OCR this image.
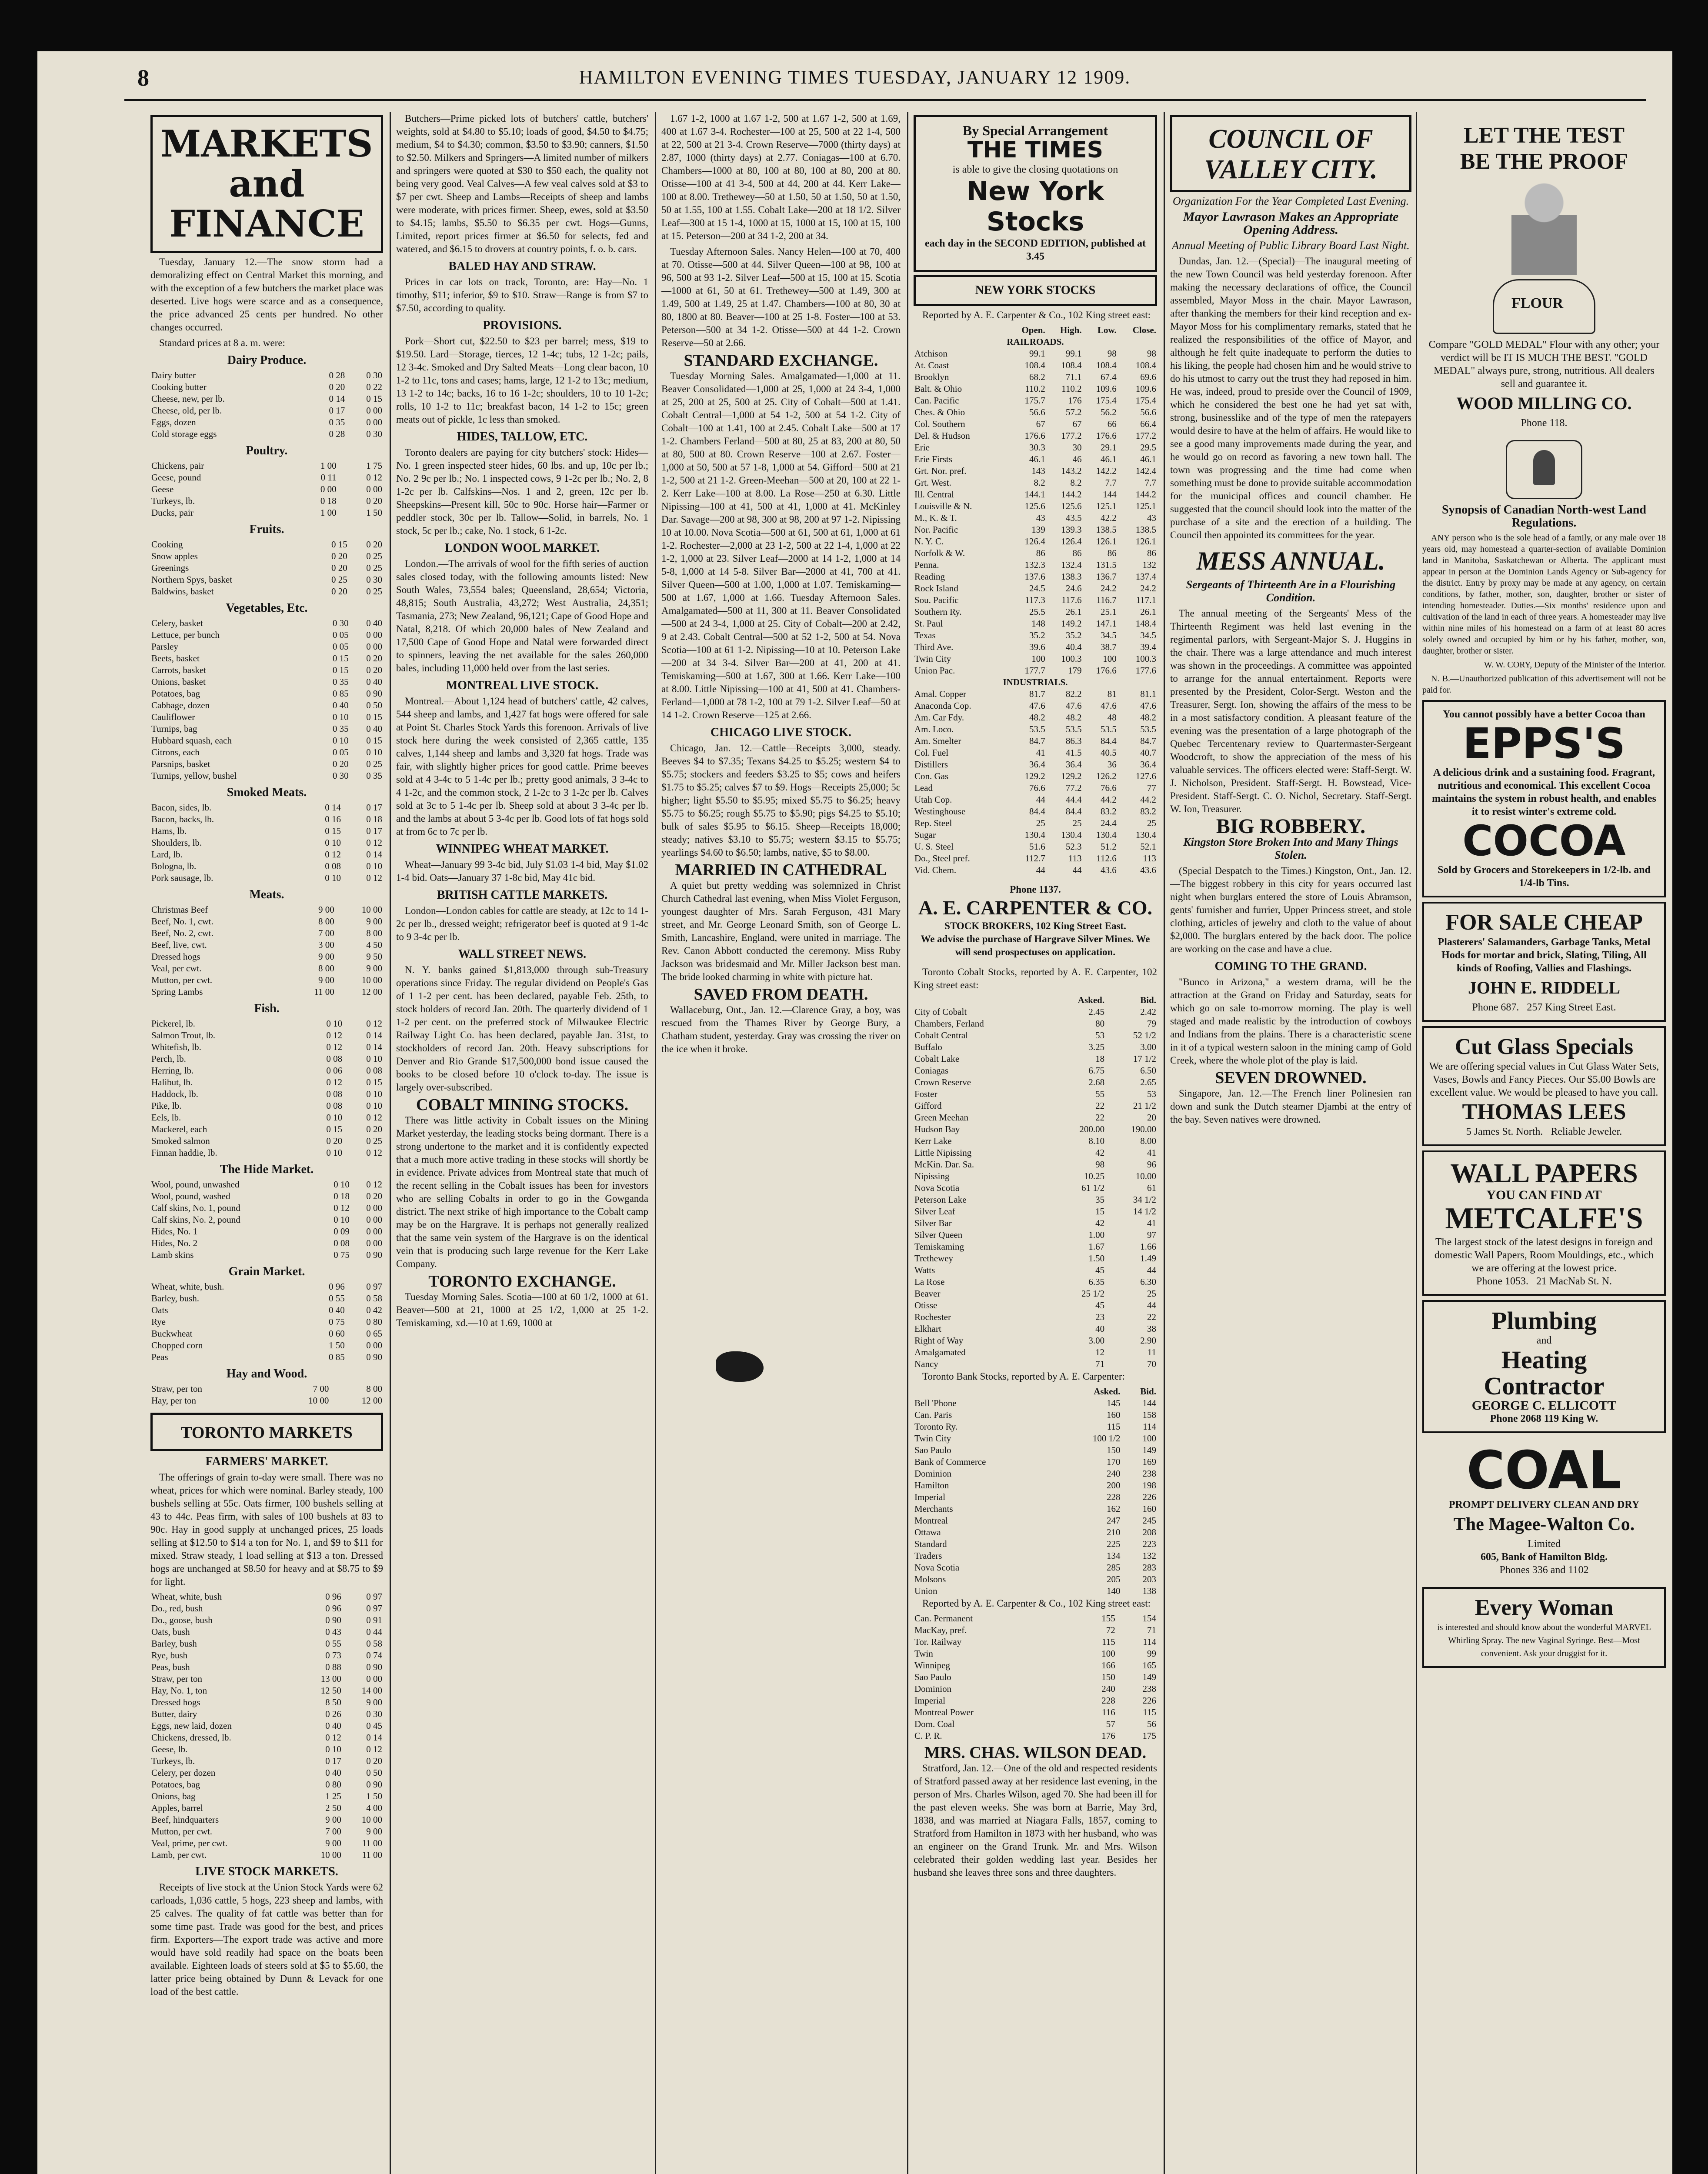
8	HAMILTON EVENING TIMES TUESDAY, JANUARY 12 1909.
MARKETS
and FINANCE

Tuesday, January 12.—The snow storm had a demoralizing effect on Central Market this morning, and with the exception of a few butchers the market place was deserted. Live hogs were scarce and as a consequence, the price advanced 25 cents per hundred. No other changes occurred.

Standard prices at 8 a. m. were:

Dairy Produce.
Dairy butter	0 28	0 30
Cooking butter	0 20	0 22
Cheese, new, per lb.	0 14	0 15
Cheese, old, per lb.	0 17	0 00
Eggs, dozen	0 35	0 00
Cold storage eggs	0 28	0 30
Poultry.
Chickens, pair	1 00	1 75
Geese, pound	0 11	0 12
Geese	0 00	0 00
Turkeys, lb.	0 18	0 20
Ducks, pair	1 00	1 50
Fruits.
Cooking	0 15	0 20
Snow apples	0 20	0 25
Greenings	0 20	0 25
Northern Spys, basket	0 25	0 30
Baldwins, basket	0 20	0 25
Vegetables, Etc.
Celery, basket	0 30	0 40
Lettuce, per bunch	0 05	0 00
Parsley	0 05	0 00
Beets, basket	0 15	0 20
Carrots, basket	0 15	0 20
Onions, basket	0 35	0 40
Potatoes, bag	0 85	0 90
Cabbage, dozen	0 40	0 50
Cauliflower	0 10	0 15
Turnips, bag	0 35	0 40
Hubbard squash, each	0 10	0 15
Citrons, each	0 05	0 10
Parsnips, basket	0 20	0 25
Turnips, yellow, bushel	0 30	0 35
Smoked Meats.
Bacon, sides, lb.	0 14	0 17
Bacon, backs, lb.	0 16	0 18
Hams, lb.	0 15	0 17
Shoulders, lb.	0 10	0 12
Lard, lb.	0 12	0 14
Bologna, lb.	0 08	0 10
Pork sausage, lb.	0 10	0 12
Meats.
Christmas Beef	9 00	10 00
Beef, No. 1, cwt.	8 00	9 00
Beef, No. 2, cwt.	7 00	8 00
Beef, live, cwt.	3 00	4 50
Dressed hogs	9 00	9 50
Veal, per cwt.	8 00	9 00
Mutton, per cwt.	9 00	10 00
Spring Lambs	11 00	12 00
Fish.
Pickerel, lb.	0 10	0 12
Salmon Trout, lb.	0 12	0 14
Whitefish, lb.	0 12	0 14
Perch, lb.	0 08	0 10
Herring, lb.	0 06	0 08
Halibut, lb.	0 12	0 15
Haddock, lb.	0 08	0 10
Pike, lb.	0 08	0 10
Eels, lb.	0 10	0 12
Mackerel, each	0 15	0 20
Smoked salmon	0 20	0 25
Finnan haddie, lb.	0 10	0 12
The Hide Market.
Wool, pound, unwashed	0 10	0 12
Wool, pound, washed	0 18	0 20
Calf skins, No. 1, pound	0 12	0 00
Calf skins, No. 2, pound	0 10	0 00
Hides, No. 1	0 09	0 00
Hides, No. 2	0 08	0 00
Lamb skins	0 75	0 90
Grain Market.
Wheat, white, bush.	0 96	0 97
Barley, bush.	0 55	0 58
Oats	0 40	0 42
Rye	0 75	0 80
Buckwheat	0 60	0 65
Chopped corn	1 50	0 00
Peas	0 85	0 90
Hay and Wood.
Straw, per ton	7 00	8 00
Hay, per ton	10 00	12 00
TORONTO MARKETS
FARMERS' MARKET.

The offerings of grain to-day were small. There was no wheat, prices for which were nominal. Barley steady, 100 bushels selling at 55c. Oats firmer, 100 bushels selling at 43 to 44c. Peas firm, with sales of 100 bushels at 83 to 90c. Hay in good supply at unchanged prices, 25 loads selling at $12.50 to $14 a ton for No. 1, and $9 to $11 for mixed. Straw steady, 1 load selling at $13 a ton. Dressed hogs are unchanged at $8.50 for heavy and at $8.75 to $9 for light.

Wheat, white, bush	0 96	0 97
Do., red, bush	0 96	0 97
Do., goose, bush	0 90	0 91
Oats, bush	0 43	0 44
Barley, bush	0 55	0 58
Rye, bush	0 73	0 74
Peas, bush	0 88	0 90
Straw, per ton	13 00	0 00
Hay, No. 1, ton	12 50	14 00
Dressed hogs	8 50	9 00
Butter, dairy	0 26	0 30
Eggs, new laid, dozen	0 40	0 45
Chickens, dressed, lb.	0 12	0 14
Geese, lb.	0 10	0 12
Turkeys, lb.	0 17	0 20
Celery, per dozen	0 40	0 50
Potatoes, bag	0 80	0 90
Onions, bag	1 25	1 50
Apples, barrel	2 50	4 00
Beef, hindquarters	9 00	10 00
Mutton, per cwt.	7 00	9 00
Veal, prime, per cwt.	9 00	11 00
Lamb, per cwt.	10 00	11 00
LIVE STOCK MARKETS.

Receipts of live stock at the Union Stock Yards were 62 carloads, 1,036 cattle, 5 hogs, 223 sheep and lambs, with 25 calves. The quality of fat cattle was better than for some time past. Trade was good for the best, and prices firm. Exporters—The export trade was active and more would have sold readily had space on the boats been available. Eighteen loads of steers sold at $5 to $5.60, the latter price being obtained by Dunn & Levack for one load of the best cattle.

Butchers—Prime picked lots of butchers' cattle, butchers' weights, sold at $4.80 to $5.10; loads of good, $4.50 to $4.75; medium, $4 to $4.30; common, $3.50 to $3.90; canners, $1.50 to $2.50. Milkers and Springers—A limited number of milkers and springers were quoted at $30 to $50 each, the quality not being very good. Veal Calves—A few veal calves sold at $3 to $7 per cwt. Sheep and Lambs—Receipts of sheep and lambs were moderate, with prices firmer. Sheep, ewes, sold at $3.50 to $4.15; lambs, $5.50 to $6.35 per cwt. Hogs—Gunns, Limited, report prices firmer at $6.50 for selects, fed and watered, and $6.15 to drovers at country points, f. o. b. cars.

BALED HAY AND STRAW.

Prices in car lots on track, Toronto, are: Hay—No. 1 timothy, $11; inferior, $9 to $10. Straw—Range is from $7 to $7.50, according to quality.

PROVISIONS.

Pork—Short cut, $22.50 to $23 per barrel; mess, $19 to $19.50. Lard—Storage, tierces, 12 1-4c; tubs, 12 1-2c; pails, 12 3-4c. Smoked and Dry Salted Meats—Long clear bacon, 10 1-2 to 11c, tons and cases; hams, large, 12 1-2 to 13c; medium, 13 1-2 to 14c; backs, 16 to 16 1-2c; shoulders, 10 to 10 1-2c; rolls, 10 1-2 to 11c; breakfast bacon, 14 1-2 to 15c; green meats out of pickle, 1c less than smoked.

HIDES, TALLOW, ETC.

Toronto dealers are paying for city butchers' stock: Hides—No. 1 green inspected steer hides, 60 lbs. and up, 10c per lb.; No. 2 9c per lb.; No. 1 inspected cows, 9 1-2c per lb.; No. 2, 8 1-2c per lb. Calfskins—Nos. 1 and 2, green, 12c per lb. Sheepskins—Present kill, 50c to 90c. Horse hair—Farmer or peddler stock, 30c per lb. Tallow—Solid, in barrels, No. 1 stock, 5c per lb.; cake, No. 1 stock, 6 1-2c.

LONDON WOOL MARKET.

London.—The arrivals of wool for the fifth series of auction sales closed today, with the following amounts listed: New South Wales, 73,554 bales; Queensland, 28,654; Victoria, 48,815; South Australia, 43,272; West Australia, 24,351; Tasmania, 273; New Zealand, 96,121; Cape of Good Hope and Natal, 8,218. Of which 20,000 bales of New Zealand and 17,500 Cape of Good Hope and Natal were forwarded direct to spinners, leaving the net available for the sales 260,000 bales, including 11,000 held over from the last series.

MONTREAL LIVE STOCK.

Montreal.—About 1,124 head of butchers' cattle, 42 calves, 544 sheep and lambs, and 1,427 fat hogs were offered for sale at Point St. Charles Stock Yards this forenoon. Arrivals of live stock here during the week consisted of 2,365 cattle, 135 calves, 1,144 sheep and lambs and 3,320 fat hogs. Trade was fair, with slightly higher prices for good cattle. Prime beeves sold at 4 3-4c to 5 1-4c per lb.; pretty good animals, 3 3-4c to 4 1-2c, and the common stock, 2 1-2c to 3 1-2c per lb. Calves sold at 3c to 5 1-4c per lb. Sheep sold at about 3 3-4c per lb. and the lambs at about 5 3-4c per lb. Good lots of fat hogs sold at from 6c to 7c per lb.

WINNIPEG WHEAT MARKET.

Wheat—January 99 3-4c bid, July $1.03 1-4 bid, May $1.02 1-4 bid. Oats—January 37 1-8c bid, May 41c bid.

BRITISH CATTLE MARKETS.

London—London cables for cattle are steady, at 12c to 14 1-2c per lb., dressed weight; refrigerator beef is quoted at 9 1-4c to 9 3-4c per lb.

WALL STREET NEWS.

N. Y. banks gained $1,813,000 through sub-Treasury operations since Friday. The regular dividend on People's Gas of 1 1-2 per cent. has been declared, payable Feb. 25th, to stock holders of record Jan. 20th. The quarterly dividend of 1 1-2 per cent. on the preferred stock of Milwaukee Electric Railway Light Co. has been declared, payable Jan. 31st, to stockholders of record Jan. 20th. Heavy subscriptions for Denver and Rio Grande $17,500,000 bond issue caused the books to be closed before 10 o'clock to-day. The issue is largely over-subscribed.

COBALT MINING STOCKS.

There was little activity in Cobalt issues on the Mining Market yesterday, the leading stocks being dormant. There is a strong undertone to the market and it is confidently expected that a much more active trading in these stocks will shortly be in evidence. Private advices from Montreal state that much of the recent selling in the Cobalt issues has been for investors who are selling Cobalts in order to go in the Gowganda district. The next strike of high importance to the Cobalt camp may be on the Hargrave. It is perhaps not generally realized that the same vein system of the Hargrave is on the identical vein that is producing such large revenue for the Kerr Lake Company.

TORONTO EXCHANGE.

Tuesday Morning Sales. Scotia—100 at 60 1/2, 1000 at 61. Beaver—500 at 21, 1000 at 25 1/2, 1,000 at 25 1-2. Temiskaming, xd.—10 at 1.69, 1000 at

1.67 1-2, 1000 at 1.67 1-2, 500 at 1.67 1-2, 500 at 1.69, 400 at 1.67 3-4. Rochester—100 at 25, 500 at 22 1-4, 500 at 22, 500 at 21 3-4. Crown Reserve—7000 (thirty days) at 2.87, 1000 (thirty days) at 2.77. Coniagas—100 at 6.70. Chambers—1000 at 80, 100 at 80, 100 at 80, 200 at 80. Otisse—100 at 41 3-4, 500 at 44, 200 at 44. Kerr Lake—100 at 8.00. Trethewey—50 at 1.50, 50 at 1.50, 50 at 1.50, 50 at 1.55, 100 at 1.55. Cobalt Lake—200 at 18 1/2. Silver Leaf—300 at 15 1-4, 1000 at 15, 1000 at 15, 100 at 15, 100 at 15. Peterson—200 at 34 1-2, 200 at 34.

Tuesday Afternoon Sales. Nancy Helen—100 at 70, 400 at 70. Otisse—500 at 44. Silver Queen—100 at 98, 100 at 96, 500 at 93 1-2. Silver Leaf—500 at 15, 100 at 15. Scotia—1000 at 61, 50 at 61. Trethewey—500 at 1.49, 300 at 1.49, 500 at 1.49, 25 at 1.47. Chambers—100 at 80, 30 at 80, 1800 at 80. Beaver—100 at 25 1-8. Foster—100 at 53. Peterson—500 at 34 1-2. Otisse—500 at 44 1-2. Crown Reserve—50 at 2.66.

STANDARD EXCHANGE.

Tuesday Morning Sales. Amalgamated—1,000 at 11. Beaver Consolidated—1,000 at 25, 1,000 at 24 3-4, 1,000 at 25, 200 at 25, 500 at 25. City of Cobalt—500 at 1.41. Cobalt Central—1,000 at 54 1-2, 500 at 54 1-2. City of Cobalt—100 at 1.41, 100 at 2.45. Cobalt Lake—500 at 17 1-2. Chambers Ferland—500 at 80, 25 at 83, 200 at 80, 50 at 80, 500 at 80. Crown Reserve—100 at 2.67. Foster—1,000 at 50, 500 at 57 1-8, 1,000 at 54. Gifford—500 at 21 1-2, 500 at 21 1-2. Green-Meehan—500 at 20, 100 at 22 1-2. Kerr Lake—100 at 8.00. La Rose—250 at 6.30. Little Nipissing—100 at 41, 500 at 41, 1,000 at 41. McKinley Dar. Savage—200 at 98, 300 at 98, 200 at 97 1-2. Nipissing 10 at 10.00. Nova Scotia—500 at 61, 500 at 61, 1,000 at 61 1-2. Rochester—2,000 at 23 1-2, 500 at 22 1-4, 1,000 at 22 1-2, 1,000 at 23. Silver Leaf—2000 at 14 1-2, 1,000 at 14 5-8, 1,000 at 14 5-8. Silver Bar—2000 at 41, 700 at 41. Silver Queen—500 at 1.00, 1,000 at 1.07. Temiskaming—500 at 1.67, 1,000 at 1.66. Tuesday Afternoon Sales. Amalgamated—500 at 11, 300 at 11. Beaver Consolidated—500 at 24 3-4, 1,000 at 25. City of Cobalt—200 at 2.42, 9 at 2.43. Cobalt Central—500 at 52 1-2, 500 at 54. Nova Scotia—100 at 61 1-2. Nipissing—10 at 10. Peterson Lake—200 at 34 3-4. Silver Bar—200 at 41, 200 at 41. Temiskaming—500 at 1.67, 300 at 1.66. Kerr Lake—100 at 8.00. Little Nipissing—100 at 41, 500 at 41. Chambers-Ferland—1,000 at 78 1-2, 100 at 79 1-2. Silver Leaf—50 at 14 1-2. Crown Reserve—125 at 2.66.

CHICAGO LIVE STOCK.

Chicago, Jan. 12.—Cattle—Receipts 3,000, steady. Beeves $4 to $7.35; Texans $4.25 to $5.25; western $4 to $5.75; stockers and feeders $3.25 to $5; cows and heifers $1.75 to $5.25; calves $7 to $9. Hogs—Receipts 25,000; 5c higher; light $5.50 to $5.95; mixed $5.75 to $6.25; heavy $5.75 to $6.25; rough $5.75 to $5.90; pigs $4.25 to $5.10; bulk of sales $5.95 to $6.15. Sheep—Receipts 18,000; steady; natives $3.10 to $5.75; western $3.15 to $5.75; yearlings $4.60 to $6.50; lambs, native, $5 to $8.00.

MARRIED IN CATHEDRAL

A quiet but pretty wedding was solemnized in Christ Church Cathedral last evening, when Miss Violet Ferguson, youngest daughter of Mrs. Sarah Ferguson, 431 Mary street, and Mr. George Leonard Smith, son of George L. Smith, Lancashire, England, were united in marriage. The Rev. Canon Abbott conducted the ceremony. Miss Ruby Jackson was bridesmaid and Mr. Miller Jackson best man. The bride looked charming in white with picture hat.

SAVED FROM DEATH.

Wallaceburg, Ont., Jan. 12.—Clarence Gray, a boy, was rescued from the Thames River by George Bury, a Chatham student, yesterday. Gray was crossing the river on the ice when it broke.

By Special Arrangement
THE TIMES
is able to give the closing quotations on
New York Stocks
each day in the SECOND EDITION, published at 3.45
NEW YORK STOCKS

Reported by A. E. Carpenter & Co., 102 King street east:

	Open.	High.	Low.	Close.
RAILROADS.				
Atchison	99.1	99.1	98	98
At. Coast	108.4	108.4	108.4	108.4
Brooklyn	68.2	71.1	67.4	69.6
Balt. & Ohio	110.2	110.2	109.6	109.6
Can. Pacific	175.7	176	175.4	175.4
Ches. & Ohio	56.6	57.2	56.2	56.6
Col. Southern	67	67	66	66.4
Del. & Hudson	176.6	177.2	176.6	177.2
Erie	30.3	30	29.1	29.5
Erie Firsts	46.1	46	46.1	46.1
Grt. Nor. pref.	143	143.2	142.2	142.4
Grt. West.	8.2	8.2	7.7	7.7
Ill. Central	144.1	144.2	144	144.2
Louisville & N.	125.6	125.6	125.1	125.1
M., K. & T.	43	43.5	42.2	43
Nor. Pacific	139	139.3	138.5	138.5
N. Y. C.	126.4	126.4	126.1	126.1
Norfolk & W.	86	86	86	86
Penna.	132.3	132.4	131.5	132
Reading	137.6	138.3	136.7	137.4
Rock Island	24.5	24.6	24.2	24.2
Sou. Pacific	117.3	117.6	116.7	117.1
Southern Ry.	25.5	26.1	25.1	26.1
St. Paul	148	149.2	147.1	148.4
Texas	35.2	35.2	34.5	34.5
Third Ave.	39.6	40.4	38.7	39.4
Twin City	100	100.3	100	100.3
Union Pac.	177.7	179	176.6	177.6
INDUSTRIALS.				
Amal. Copper	81.7	82.2	81	81.1
Anaconda Cop.	47.6	47.6	47.6	47.6
Am. Car Fdy.	48.2	48.2	48	48.2
Am. Loco.	53.5	53.5	53.5	53.5
Am. Smelter	84.7	86.3	84.4	84.7
Col. Fuel	41	41.5	40.5	40.7
Distillers	36.4	36.4	36	36.4
Con. Gas	129.2	129.2	126.2	127.6
Lead	76.6	77.2	76.6	77
Utah Cop.	44	44.4	44.2	44.2
Westinghouse	84.4	84.4	83.2	83.2
Rep. Steel	25	25	24.4	25
Sugar	130.4	130.4	130.4	130.4
U. S. Steel	51.6	52.3	51.2	52.1
Do., Steel pref.	112.7	113	112.6	113
Vid. Chem.	44	44	43.6	43.6
Phone 1137.
A. E. CARPENTER & CO.
STOCK BROKERS, 102 King Street East.
We advise the purchase of Hargrave Silver Mines. We will send prospectuses on application.

Toronto Cobalt Stocks, reported by A. E. Carpenter, 102 King street east:

	Asked.	Bid.
City of Cobalt	2.45	2.42
Chambers, Ferland	80	79
Cobalt Central	53	52 1/2
Buffalo	3.25	3.00
Cobalt Lake	18	17 1/2
Coniagas	6.75	6.50
Crown Reserve	2.68	2.65
Foster	55	53
Gifford	22	21 1/2
Green Meehan	22	20
Hudson Bay	200.00	190.00
Kerr Lake	8.10	8.00
Little Nipissing	42	41
McKin. Dar. Sa.	98	96
Nipissing	10.25	10.00
Nova Scotia	61 1/2	61
Peterson Lake	35	34 1/2
Silver Leaf	15	14 1/2
Silver Bar	42	41
Silver Queen	1.00	97
Temiskaming	1.67	1.66
Trethewey	1.50	1.49
Watts	45	44
La Rose	6.35	6.30
Beaver	25 1/2	25
Otisse	45	44
Rochester	23	22
Elkhart	40	38
Right of Way	3.00	2.90
Amalgamated	12	11
Nancy	71	70

Toronto Bank Stocks, reported by A. E. Carpenter:

	Asked.	Bid.
Bell 'Phone	145	144
Can. Paris	160	158
Toronto Ry.	115	114
Twin City	100 1/2	100
Sao Paulo	150	149
Bank of Commerce	170	169
Dominion	240	238
Hamilton	200	198
Imperial	228	226
Merchants	162	160
Montreal	247	245
Ottawa	210	208
Standard	225	223
Traders	134	132
Nova Scotia	285	283
Molsons	205	203
Union	140	138

Reported by A. E. Carpenter & Co., 102 King street east:

Can. Permanent	155	154
MacKay, pref.	72	71
Tor. Railway	115	114
Twin	100	99
Winnipeg	166	165
Sao Paulo	150	149
Dominion	240	238
Imperial	228	226
Montreal Power	116	115
Dom. Coal	57	56
C. P. R.	176	175
MRS. CHAS. WILSON DEAD.

Stratford, Jan. 12.—One of the old and respected residents of Stratford passed away at her residence last evening, in the person of Mrs. Charles Wilson, aged 70. She had been ill for the past eleven weeks. She was born at Barrie, May 3rd, 1838, and was married at Niagara Falls, 1857, coming to Stratford from Hamilton in 1873 with her husband, who was an engineer on the Grand Trunk. Mr. and Mrs. Wilson celebrated their golden wedding last year. Besides her husband she leaves three sons and three daughters.

COUNCIL OF VALLEY CITY.
Organization For the Year Completed Last Evening.
Mayor Lawrason Makes an Appropriate Opening Address.
Annual Meeting of Public Library Board Last Night.

Dundas, Jan. 12.—(Special)—The inaugural meeting of the new Town Council was held yesterday forenoon. After making the necessary declarations of office, the Council assembled, Mayor Moss in the chair. Mayor Lawrason, after thanking the members for their kind reception and ex-Mayor Moss for his complimentary remarks, stated that he realized the responsibilities of the office of Mayor, and although he felt quite inadequate to perform the duties to his liking, the people had chosen him and he would strive to do his utmost to carry out the trust they had reposed in him. He was, indeed, proud to preside over the Council of 1909, which he considered the best one he had yet sat with, strong, businesslike and of the type of men the ratepayers would desire to have at the helm of affairs. He would like to see a good many improvements made during the year, and he would go on record as favoring a new town hall. The town was progressing and the time had come when something must be done to provide suitable accommodation for the municipal offices and council chamber. He suggested that the council should look into the matter of the purchase of a site and the erection of a building. The Council then appointed its committees for the year.

MESS ANNUAL.
Sergeants of Thirteenth Are in a Flourishing Condition.

The annual meeting of the Sergeants' Mess of the Thirteenth Regiment was held last evening in the regimental parlors, with Sergeant-Major S. J. Huggins in the chair. There was a large attendance and much interest was shown in the proceedings. A committee was appointed to arrange for the annual entertainment. Reports were presented by the President, Color-Sergt. Weston and the Treasurer, Sergt. Ion, showing the affairs of the mess to be in a most satisfactory condition. A pleasant feature of the evening was the presentation of a large photograph of the Quebec Tercentenary review to Quartermaster-Sergeant Woodcroft, to show the appreciation of the mess of his valuable services. The officers elected were: Staff-Sergt. W. J. Nicholson, President. Staff-Sergt. H. Bowstead, Vice-President. Staff-Sergt. C. O. Nichol, Secretary. Staff-Sergt. W. Ion, Treasurer.

BIG ROBBERY.
Kingston Store Broken Into and Many Things Stolen.

(Special Despatch to the Times.) Kingston, Ont., Jan. 12.—The biggest robbery in this city for years occurred last night when burglars entered the store of Louis Abramson, gents' furnisher and furrier, Upper Princess street, and stole clothing, articles of jewelry and cloth to the value of about $2,000. The burglars entered by the back door. The police are working on the case and have a clue.

COMING TO THE GRAND.

"Bunco in Arizona," a western drama, will be the attraction at the Grand on Friday and Saturday, seats for which go on sale to-morrow morning. The play is well staged and made realistic by the introduction of cowboys and Indians from the plains. There is a characteristic scene in it of a typical western saloon in the mining camp of Gold Creek, where the whole plot of the play is laid.

SEVEN DROWNED.

Singapore, Jan. 12.—The French liner Polinesien ran down and sunk the Dutch steamer Djambi at the entry of the bay. Seven natives were drowned.

LET THE TEST
BE THE PROOF
FLOUR
Compare "GOLD MEDAL" Flour with any other; your verdict will be IT IS MUCH THE BEST. "GOLD MEDAL" always pure, strong, nutritious. All dealers sell and guarantee it.
WOOD MILLING CO.
Phone 118.
Synopsis of Canadian North-west Land Regulations.

ANY person who is the sole head of a family, or any male over 18 years old, may homestead a quarter-section of available Dominion land in Manitoba, Saskatchewan or Alberta. The applicant must appear in person at the Dominion Lands Agency or Sub-agency for the district. Entry by proxy may be made at any agency, on certain conditions, by father, mother, son, daughter, brother or sister of intending homesteader. Duties.—Six months' residence upon and cultivation of the land in each of three years. A homesteader may live within nine miles of his homestead on a farm of at least 80 acres solely owned and occupied by him or by his father, mother, son, daughter, brother or sister.

W. W. CORY, Deputy of the Minister of the Interior.

N. B.—Unauthorized publication of this advertisement will not be paid for.

You cannot possibly have a better Cocoa than
EPPS'S
A delicious drink and a sustaining food. Fragrant, nutritious and economical. This excellent Cocoa maintains the system in robust health, and enables it to resist winter's extreme cold.
COCOA
Sold by Grocers and Storekeepers in 1/2-lb. and 1/4-lb Tins.
FOR SALE CHEAP
Plasterers' Salamanders, Garbage Tanks, Metal Hods for mortar and brick, Slating, Tiling, All kinds of Roofing, Vallies and Flashings.
JOHN E. RIDDELL
Phone 687. 257 King Street East.
Cut Glass Specials
We are offering special values in Cut Glass Water Sets, Vases, Bowls and Fancy Pieces. Our $5.00 Bowls are excellent value. We would be pleased to have you call.
THOMAS LEES
5 James St. North. Reliable Jeweler.
WALL PAPERS
YOU CAN FIND AT
METCALFE'S
The largest stock of the latest designs in foreign and domestic Wall Papers, Room Mouldings, etc., which we are offering at the lowest price.
Phone 1053. 21 MacNab St. N.
Plumbing
and
Heating
Contractor
GEORGE C. ELLICOTT
Phone 2068 119 King W.
COAL
PROMPT DELIVERY CLEAN AND DRY
The Magee-Walton Co.
Limited
605, Bank of Hamilton Bldg.
Phones 336 and 1102
Every Woman
is interested and should know about the wonderful MARVEL Whirling Spray. The new Vaginal Syringe. Best—Most convenient. Ask your druggist for it.
